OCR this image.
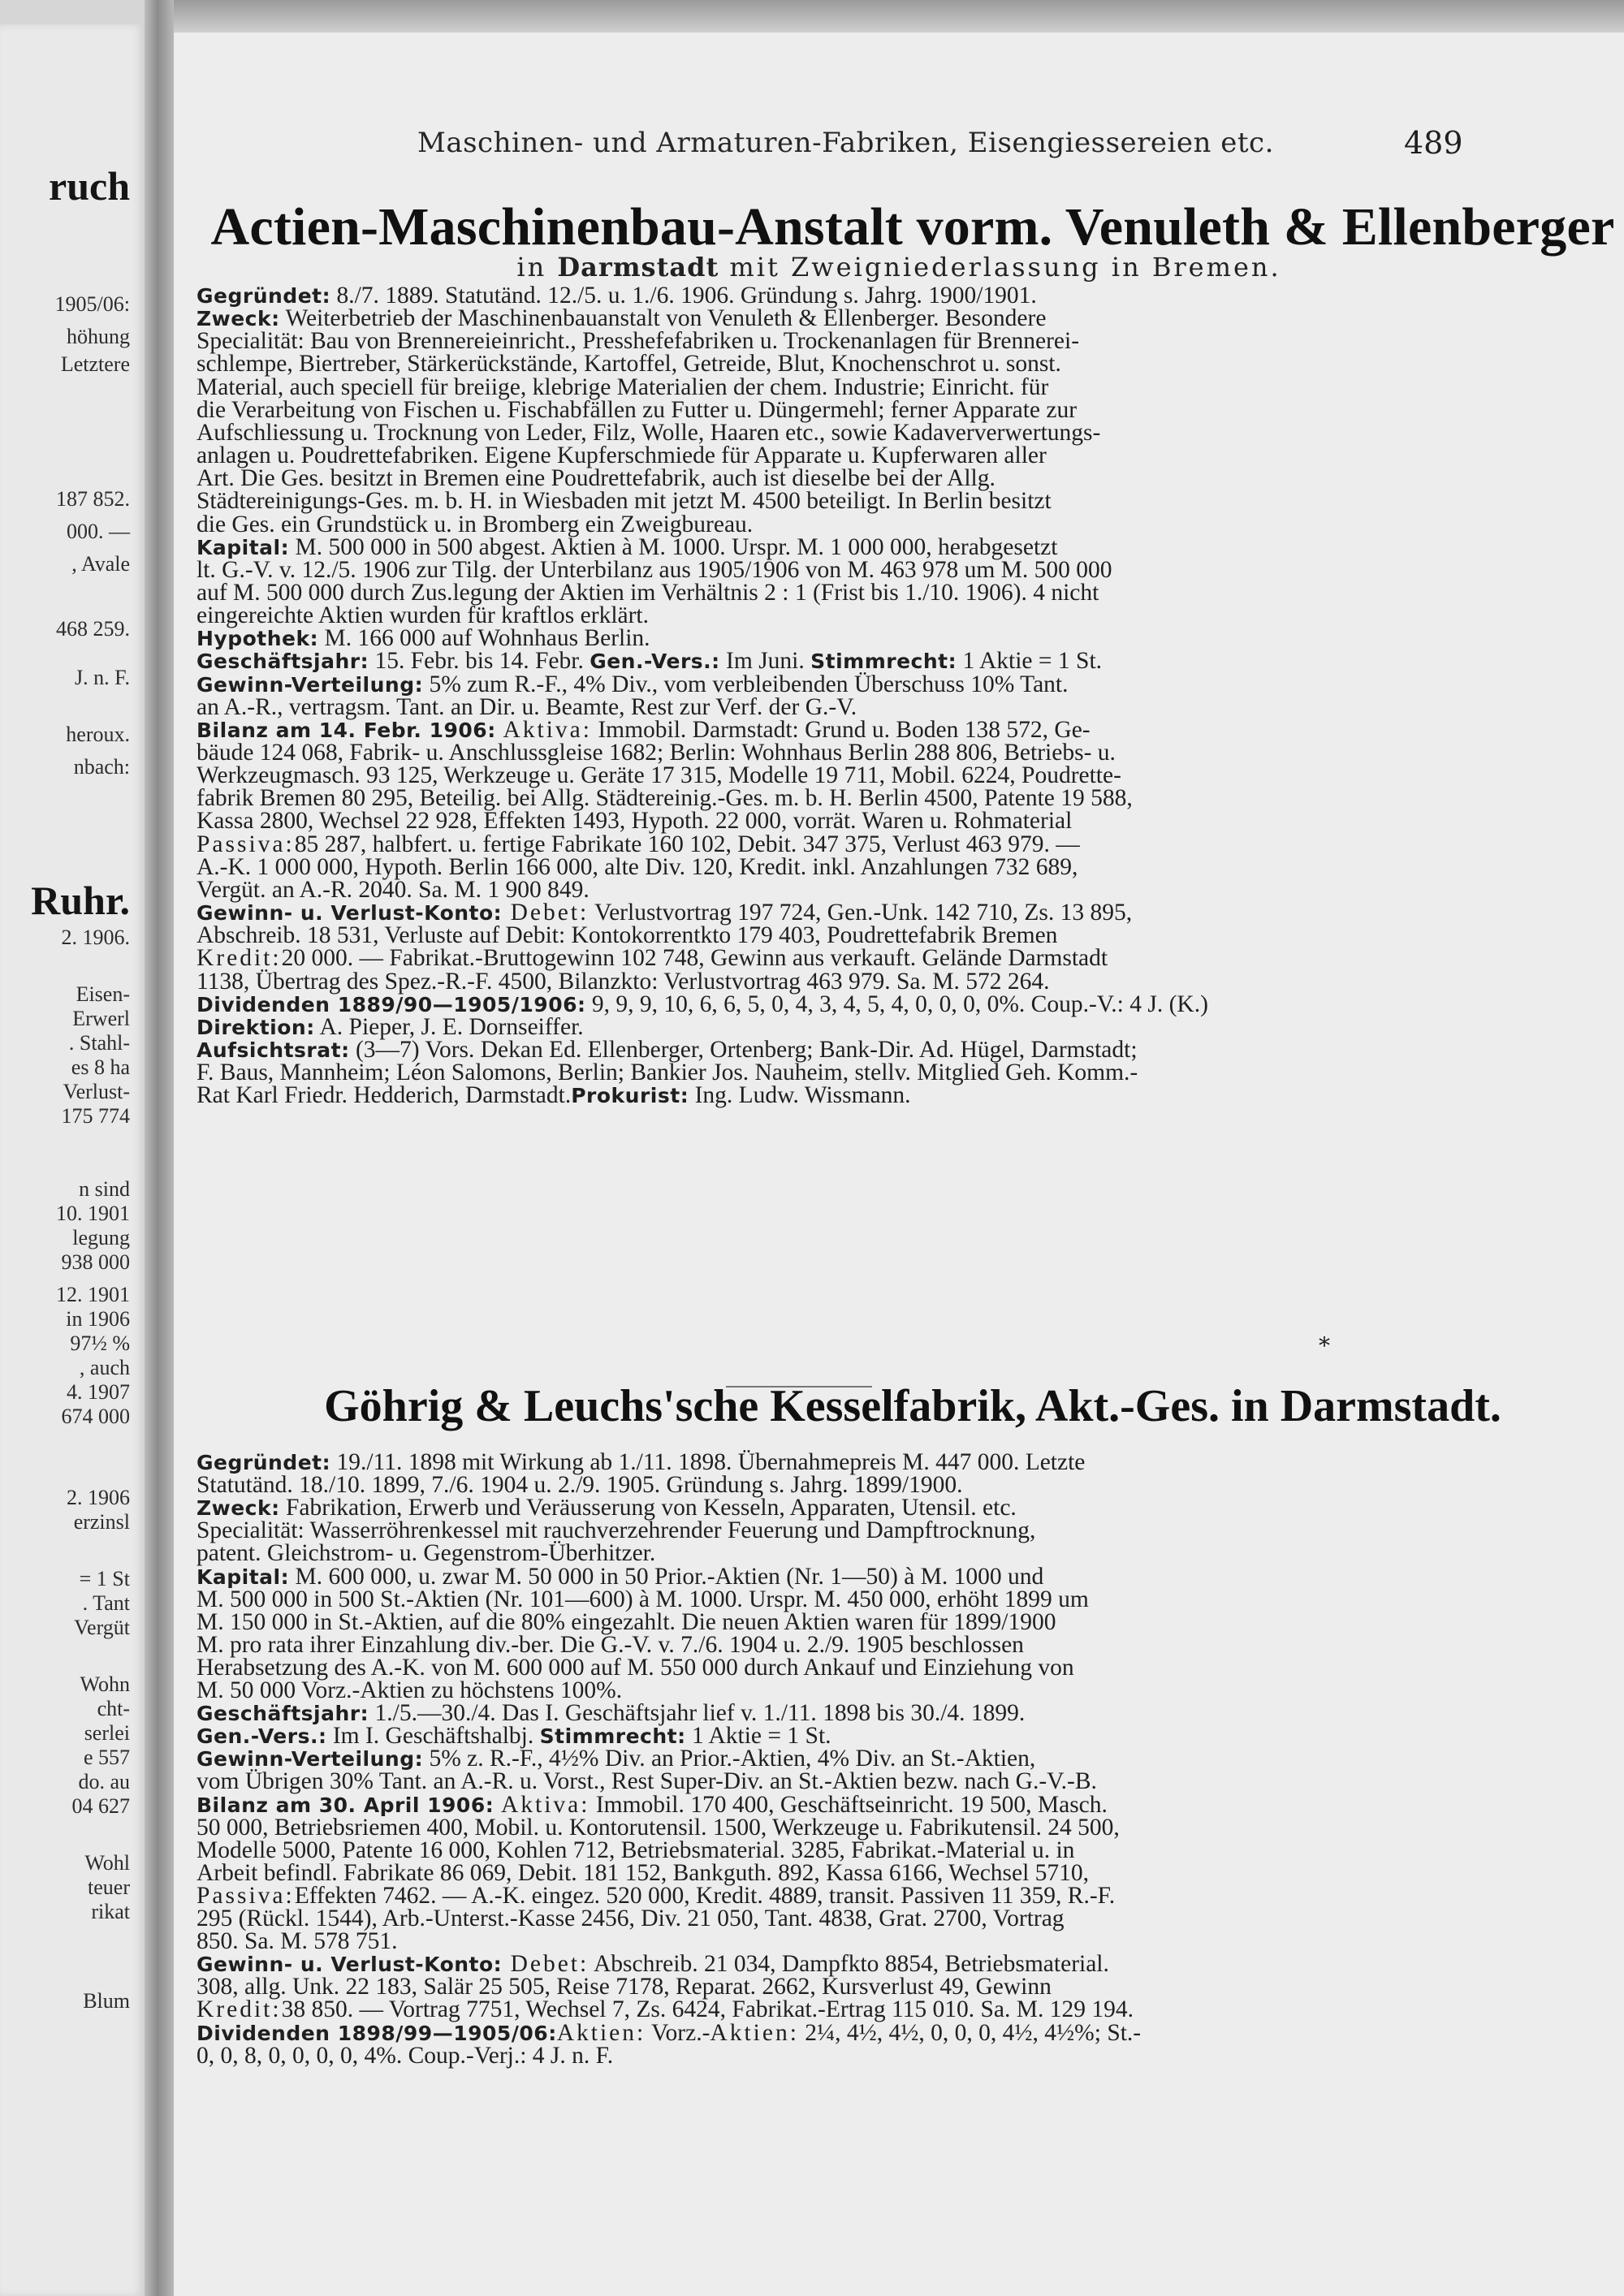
ruch
1905/06:
höhung
Letztere
187 852.
000. —
, Avale
468 259.
J. n. F.
heroux.
nbach:
Ruhr.
2. 1906.
Eisen-
Erwerl
. Stahl-
es 8 ha
Verlust-
175 774
n sind
10. 1901
legung
938 000
12. 1901
in 1906
97½ %
, auch
4. 1907
674 000
2. 1906
erzinsl
= 1 St
. Tant
Vergüt
Wohn
cht-
serlei
e 557
do. au
04 627
Wohl
teuer
rikat
Blum
Maschinen- und Armaturen-Fabriken, Eisengiessereien etc.	489
Actien-Maschinenbau-Anstalt vorm. Venuleth & Ellenberger
in Darmstadt mit Zweigniederlassung in Bremen.
Gegründet: 8./7. 1889. Statutänd. 12./5. u. 1./6. 1906. Gründung s. Jahrg. 1900/1901.
Zweck: Weiterbetrieb der Maschinenbauanstalt von Venuleth & Ellenberger. Besondere
Specialität: Bau von Brennereieinricht., Presshefefabriken u. Trockenanlagen für Brennerei-
schlempe, Biertreber, Stärkerückstände, Kartoffel, Getreide, Blut, Knochenschrot u. sonst.
Material, auch speciell für breiige, klebrige Materialien der chem. Industrie; Einricht. für
die Verarbeitung von Fischen u. Fischabfällen zu Futter u. Düngermehl; ferner Apparate zur
Aufschliessung u. Trocknung von Leder, Filz, Wolle, Haaren etc., sowie Kadaververwertungs-
anlagen u. Poudrettefabriken. Eigene Kupferschmiede für Apparate u. Kupferwaren aller
Art. Die Ges. besitzt in Bremen eine Poudrettefabrik, auch ist dieselbe bei der Allg.
Städtereinigungs-Ges. m. b. H. in Wiesbaden mit jetzt M. 4500 beteiligt. In Berlin besitzt
die Ges. ein Grundstück u. in Bromberg ein Zweigbureau.
Kapital: M. 500 000 in 500 abgest. Aktien à M. 1000. Urspr. M. 1 000 000, herabgesetzt
lt. G.-V. v. 12./5. 1906 zur Tilg. der Unterbilanz aus 1905/1906 von M. 463 978 um M. 500 000
auf M. 500 000 durch Zus.legung der Aktien im Verhältnis 2 : 1 (Frist bis 1./10. 1906). 4 nicht
eingereichte Aktien wurden für kraftlos erklärt.
Hypothek: M. 166 000 auf Wohnhaus Berlin.
Geschäftsjahr: 15. Febr. bis 14. Febr. Gen.-Vers.: Im Juni. Stimmrecht: 1 Aktie = 1 St.
Gewinn-Verteilung: 5% zum R.-F., 4% Div., vom verbleibenden Überschuss 10% Tant.
an A.-R., vertragsm. Tant. an Dir. u. Beamte, Rest zur Verf. der G.-V.
Bilanz am 14. Febr. 1906: Aktiva: Immobil. Darmstadt: Grund u. Boden 138 572, Ge-
bäude 124 068, Fabrik- u. Anschlussgleise 1682; Berlin: Wohnhaus Berlin 288 806, Betriebs- u.
Werkzeugmasch. 93 125, Werkzeuge u. Geräte 17 315, Modelle 19 711, Mobil. 6224, Poudrette-
fabrik Bremen 80 295, Beteilig. bei Allg. Städtereinig.-Ges. m. b. H. Berlin 4500, Patente 19 588,
Kassa 2800, Wechsel 22 928, Effekten 1493, Hypoth. 22 000, vorrät. Waren u. Rohmaterial
Passiva:85 287, halbfert. u. fertige Fabrikate 160 102, Debit. 347 375, Verlust 463 979. —
A.-K. 1 000 000, Hypoth. Berlin 166 000, alte Div. 120, Kredit. inkl. Anzahlungen 732 689,
Vergüt. an A.-R. 2040. Sa. M. 1 900 849.
Gewinn- u. Verlust-Konto: Debet: Verlustvortrag 197 724, Gen.-Unk. 142 710, Zs. 13 895,
Abschreib. 18 531, Verluste auf Debit: Kontokorrentkto 179 403, Poudrettefabrik Bremen
Kredit:20 000. — Fabrikat.-Bruttogewinn 102 748, Gewinn aus verkauft. Gelände Darmstadt
1138, Übertrag des Spez.-R.-F. 4500, Bilanzkto: Verlustvortrag 463 979. Sa. M. 572 264.
Dividenden 1889/90—1905/1906: 9, 9, 9, 10, 6, 6, 5, 0, 4, 3, 4, 5, 4, 0, 0, 0, 0%. Coup.-V.: 4 J. (K.)
Direktion: A. Pieper, J. E. Dornseiffer.
Aufsichtsrat: (3—7) Vors. Dekan Ed. Ellenberger, Ortenberg; Bank-Dir. Ad. Hügel, Darmstadt;
F. Baus, Mannheim; Léon Salomons, Berlin; Bankier Jos. Nauheim, stellv. Mitglied Geh. Komm.-
Rat Karl Friedr. Hedderich, Darmstadt.Prokurist: Ing. Ludw. Wissmann.
*
Göhrig & Leuchs'sche Kesselfabrik, Akt.-Ges. in Darmstadt.
Gegründet: 19./11. 1898 mit Wirkung ab 1./11. 1898. Übernahmepreis M. 447 000. Letzte
Statutänd. 18./10. 1899, 7./6. 1904 u. 2./9. 1905. Gründung s. Jahrg. 1899/1900.
Zweck: Fabrikation, Erwerb und Veräusserung von Kesseln, Apparaten, Utensil. etc.
Specialität: Wasserröhrenkessel mit rauchverzehrender Feuerung und Dampftrocknung,
patent. Gleichstrom- u. Gegenstrom-Überhitzer.
Kapital: M. 600 000, u. zwar M. 50 000 in 50 Prior.-Aktien (Nr. 1—50) à M. 1000 und
M. 500 000 in 500 St.-Aktien (Nr. 101—600) à M. 1000. Urspr. M. 450 000, erhöht 1899 um
M. 150 000 in St.-Aktien, auf die 80% eingezahlt. Die neuen Aktien waren für 1899/1900
M. pro rata ihrer Einzahlung div.-ber. Die G.-V. v. 7./6. 1904 u. 2./9. 1905 beschlossen
Herabsetzung des A.-K. von M. 600 000 auf M. 550 000 durch Ankauf und Einziehung von
M. 50 000 Vorz.-Aktien zu höchstens 100%.
Geschäftsjahr: 1./5.—30./4. Das I. Geschäftsjahr lief v. 1./11. 1898 bis 30./4. 1899.
Gen.-Vers.: Im I. Geschäftshalbj. Stimmrecht: 1 Aktie = 1 St.
Gewinn-Verteilung: 5% z. R.-F., 4½% Div. an Prior.-Aktien, 4% Div. an St.-Aktien,
vom Übrigen 30% Tant. an A.-R. u. Vorst., Rest Super-Div. an St.-Aktien bezw. nach G.-V.-B.
Bilanz am 30. April 1906: Aktiva: Immobil. 170 400, Geschäftseinricht. 19 500, Masch.
50 000, Betriebsriemen 400, Mobil. u. Kontorutensil. 1500, Werkzeuge u. Fabrikutensil. 24 500,
Modelle 5000, Patente 16 000, Kohlen 712, Betriebsmaterial. 3285, Fabrikat.-Material u. in
Arbeit befindl. Fabrikate 86 069, Debit. 181 152, Bankguth. 892, Kassa 6166, Wechsel 5710,
Passiva:Effekten 7462. — A.-K. eingez. 520 000, Kredit. 4889, transit. Passiven 11 359, R.-F.
295 (Rückl. 1544), Arb.-Unterst.-Kasse 2456, Div. 21 050, Tant. 4838, Grat. 2700, Vortrag
850. Sa. M. 578 751.
Gewinn- u. Verlust-Konto: Debet: Abschreib. 21 034, Dampfkto 8854, Betriebsmaterial.
308, allg. Unk. 22 183, Salär 25 505, Reise 7178, Reparat. 2662, Kursverlust 49, Gewinn
Kredit:38 850. — Vortrag 7751, Wechsel 7, Zs. 6424, Fabrikat.-Ertrag 115 010. Sa. M. 129 194.
Dividenden 1898/99—1905/06:Aktien: Vorz.-Aktien: 2¼, 4½, 4½, 0, 0, 0, 4½, 4½%; St.-
0, 0, 8, 0, 0, 0, 0, 4%. Coup.-Verj.: 4 J. n. F.
